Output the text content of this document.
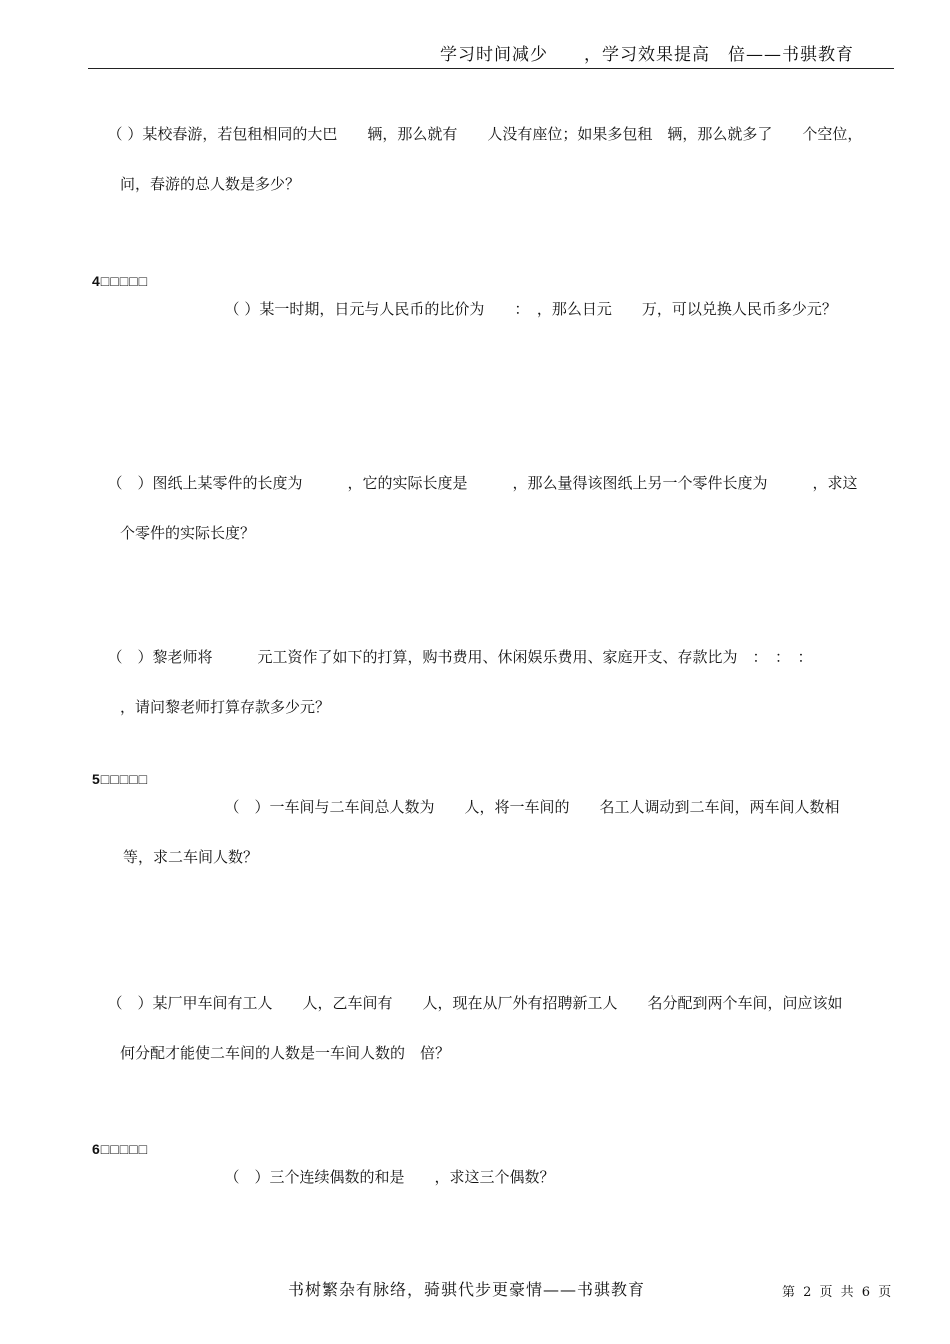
学习时间减少　　，学习效果提高　倍——书骐教育

（ ）某校春游，若包租相同的大巴　　辆，那么就有　　人没有座位；如果多包租　辆，那么就多了　　个空位，

问，春游的总人数是多少？

4□□□□□

（ ）某一时期，日元与人民币的比价为　　：　，那么日元　　万，可以兑换人民币多少元？

（　）图纸上某零件的长度为　　　，它的实际长度是　　　，那么量得该图纸上另一个零件长度为　　　，求这

个零件的实际长度？

（　）黎老师将　　　元工资作了如下的打算，购书费用、休闲娱乐费用、家庭开支、存款比为　：　：　：

，请问黎老师打算存款多少元？

5□□□□□

（　）一车间与二车间总人数为　　人，将一车间的　　名工人调动到二车间，两车间人数相

等，求二车间人数？

（　）某厂甲车间有工人　　人，乙车间有　　人，现在从厂外有招聘新工人　　名分配到两个车间，问应该如

何分配才能使二车间的人数是一车间人数的　倍？

6□□□□□

（　）三个连续偶数的和是　　，求这三个偶数？

书树繁杂有脉络，骑骐代步更豪情——书骐教育	第 2 页 共 6 页
